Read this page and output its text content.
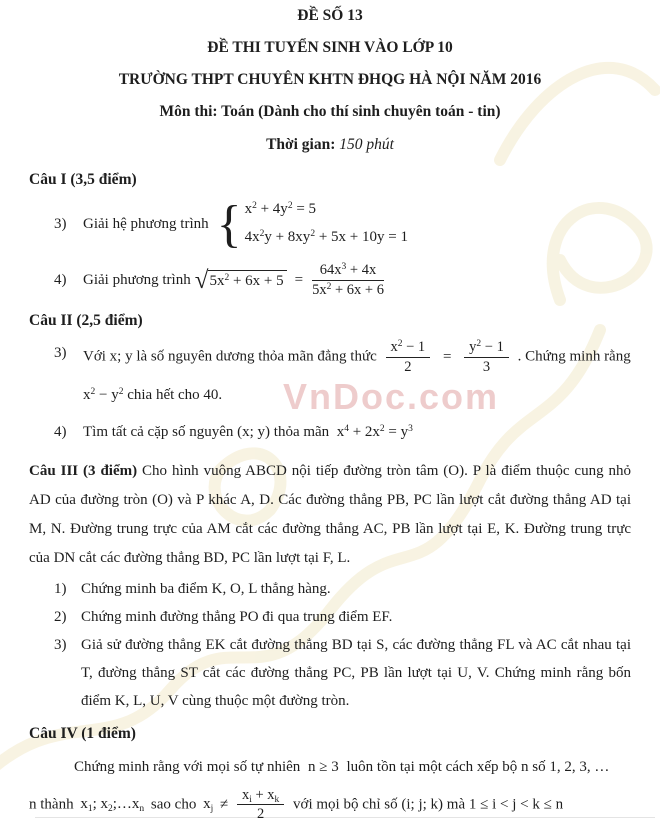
VnDoc.com
ĐỀ SỐ 13
ĐỀ THI TUYỂN SINH VÀO LỚP 10
TRƯỜNG THPT CHUYÊN KHTN ĐHQG HÀ NỘI NĂM 2016
Môn thi: Toán (Dành cho thí sinh chuyên toán - tin)
Thời gian: 150 phút
Câu I (3,5 điểm)
3)	Giải hệ phương trình { $x^2 + 4y^2 = 5$
$4x^2y + 8xy^2 + 5x + 10y = 1$
4)	Giải phương trình √ $5x^2 + 6x + 5 = \frac{64x^3 + 4x}{5x^2 + 6x + 6}$
Câu II (2,5 điểm)
3)	Với x; y là số nguyên dương thỏa mãn đẳng thức $\frac{x^2 - 1}{2} = \frac{y^2 - 1}{3}$ . Chứng minh rằng
$x^2 - y^2$ chia hết cho 40.
4)	Tìm tất cả cặp số nguyên (x; y) thỏa mãn $x^4 + 2x^2 = y^3$
Câu III (3 điểm) Cho hình vuông ABCD nội tiếp đường tròn tâm (O). P là điểm thuộc cung nhỏ AD của đường tròn (O) và P khác A, D. Các đường thẳng PB, PC lần lượt cắt đường thẳng AD tại M, N. Đường trung trực của AM cắt các đường thẳng AC, PB lần lượt tại E, K. Đường trung trực của DN cắt các đường thẳng BD, PC lần lượt tại F, L.
1) Chứng minh ba điểm K, O, L thẳng hàng.
2) Chứng minh đường thẳng PO đi qua trung điểm EF.
3) Giả sử đường thẳng EK cắt đường thẳng BD tại S, các đường thẳng FL và AC cắt nhau tại T, đường thẳng ST cắt các đường thẳng PC, PB lần lượt tại U, V. Chứng minh rằng bốn điểm K, L, U, V cùng thuộc một đường tròn.
Câu IV (1 điểm)
Chứng minh rằng với mọi số tự nhiên n ≥ 3 luôn tồn tại một cách xếp bộ n số 1, 2, 3, …
n thành $x_1$; $x_2;\dots x_n$ sao cho $x_j \ne \frac{x_i + x_k}{2}$ với mọi bộ chỉ số (i; j; k) mà 1 ≤ i < j < k ≤ n
